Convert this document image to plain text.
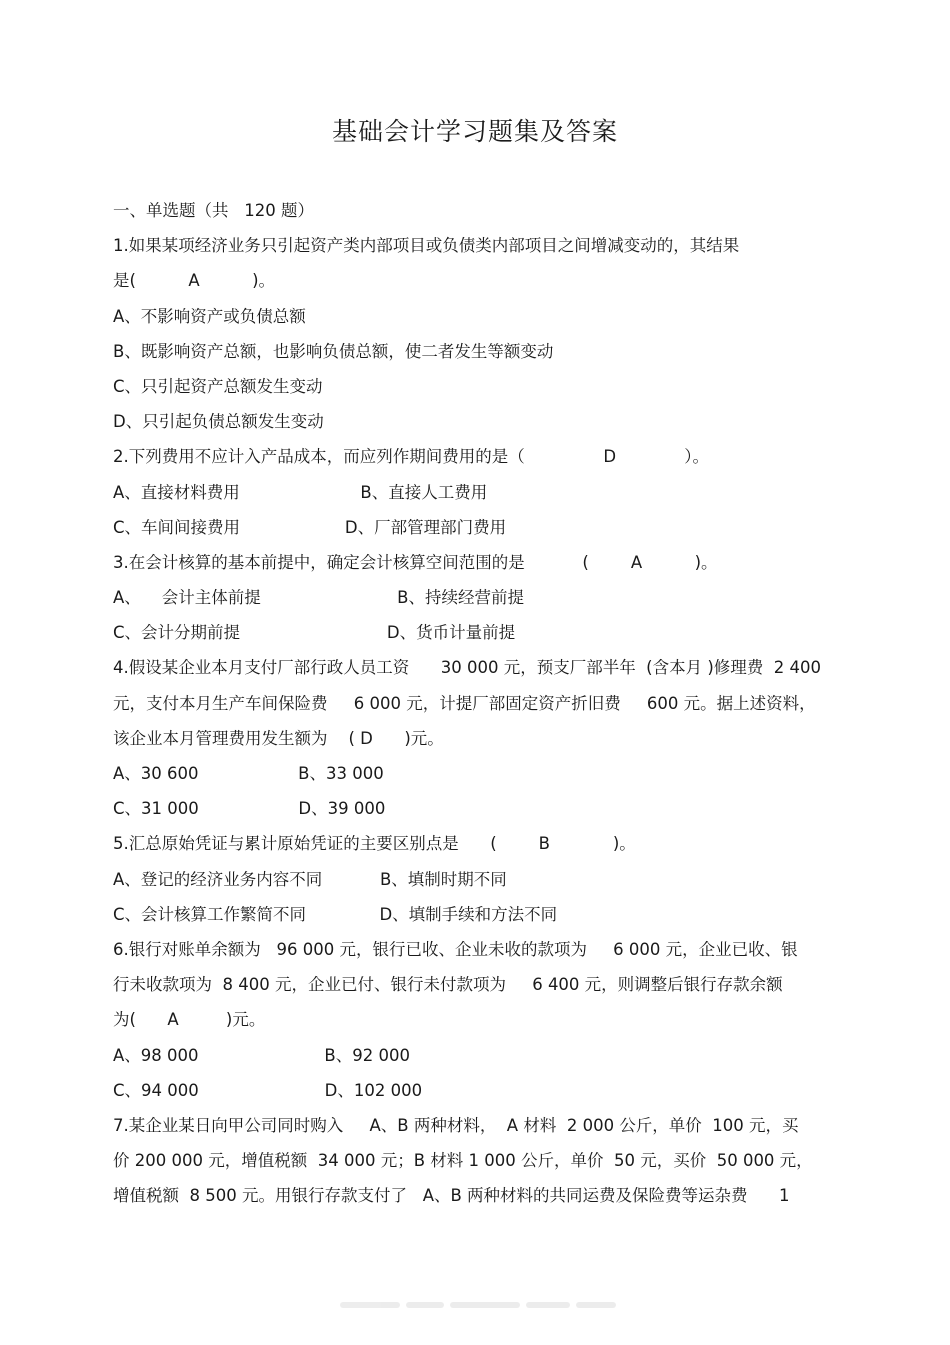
基础会计学习题集及答案
一、单选题（共   120 题）
1.如果某项经济业务只引起资产类内部项目或负债类内部项目之间增减变动的，其结果
是(          A          )。
A、不影响资产或负债总额
B、既影响资产总额，也影响负债总额，使二者发生等额变动
C、只引起资产总额发生变动
D、只引起负债总额发生变动
2.下列费用不应计入产品成本，而应列作期间费用的是（               D             ）。
A、直接材料费用                       B、直接人工费用
C、车间间接费用                    D、厂部管理部门费用
3.在会计核算的基本前提中，确定会计核算空间范围的是           (        A          )。
A、    会计主体前提                          B、持续经营前提
C、会计分期前提                            D、货币计量前提
4.假设某企业本月支付厂部行政人员工资      30 000 元，预支厂部半年  (含本月 )修理费  2 400
元，支付本月生产车间保险费     6 000 元，计提厂部固定资产折旧费     600 元。据上述资料，
该企业本月管理费用发生额为    ( D      )元。
A、30 600                   B、33 000
C、31 000                   D、39 000
5.汇总原始凭证与累计原始凭证的主要区别点是      (        B            )。
A、登记的经济业务内容不同           B、填制时期不同
C、会计核算工作繁简不同              D、填制手续和方法不同
6.银行对账单余额为   96 000 元，银行已收、企业未收的款项为     6 000 元，企业已收、银
行未收款项为  8 400 元，企业已付、银行未付款项为     6 400 元，则调整后银行存款余额
为(      A         )元。
A、98 000                        B、92 000
C、94 000                        D、102 000
7.某企业某日向甲公司同时购入     A、B 两种材料，  A 材料  2 000 公斤，单价  100 元，买
价 200 000 元，增值税额  34 000 元；B 材料 1 000 公斤，单价  50 元，买价  50 000 元，
增值税额  8 500 元。用银行存款支付了   A、B 两种材料的共同运费及保险费等运杂费      1
